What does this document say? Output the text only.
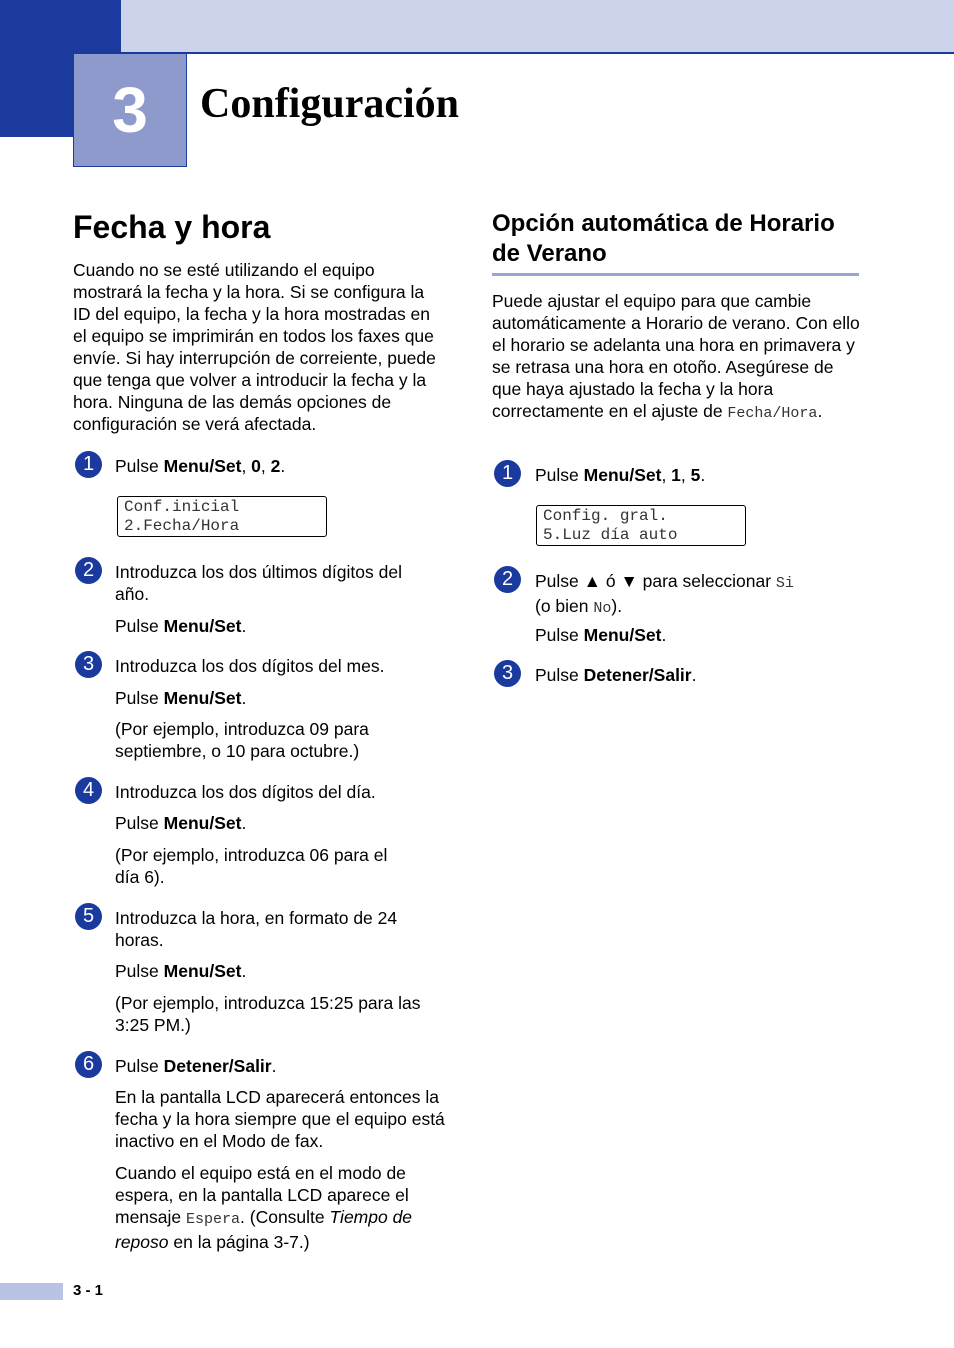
3 Configuración
Fecha y hora
Cuando no se esté utilizando el equipo mostrará la fecha y la hora. Si se configura la ID del equipo, la fecha y la hora mostradas en el equipo se imprimirán en todos los faxes que envíe. Si hay interrupción de correiente, puede que tenga que volver a introducir la fecha y la hora. Ninguna de las demás opciones de configuración se verá afectada.
1 Pulse Menu/Set, 0, 2.
Conf.inicial
2.Fecha/Hora
2 Introduzca los dos últimos dígitos del año.
Pulse Menu/Set.
3 Introduzca los dos dígitos del mes.
Pulse Menu/Set.
(Por ejemplo, introduzca 09 para septiembre, o 10 para octubre.)
4 Introduzca los dos dígitos del día.
Pulse Menu/Set.
(Por ejemplo, introduzca 06 para el día 6).
5 Introduzca la hora, en formato de 24 horas.
Pulse Menu/Set.
(Por ejemplo, introduzca 15:25 para las 3:25 PM.)
6 Pulse Detener/Salir.
En la pantalla LCD aparecerá entonces la fecha y la hora siempre que el equipo está inactivo en el Modo de fax.
Cuando el equipo está en el modo de espera, en la pantalla LCD aparece el mensaje Espera. (Consulte Tiempo de reposo en la página 3-7.)
Opción automática de Horario de Verano
Puede ajustar el equipo para que cambie automáticamente a Horario de verano. Con ello el horario se adelanta una hora en primavera y se retrasa una hora en otoño. Asegúrese de que haya ajustado la fecha y la hora correctamente en el ajuste de Fecha/Hora.
1 Pulse Menu/Set, 1, 5.
Config. gral.
5.Luz día auto
2 Pulse ▲ ó ▼ para seleccionar Si
(o bien No).
Pulse Menu/Set.
3 Pulse Detener/Salir.
3 - 1
